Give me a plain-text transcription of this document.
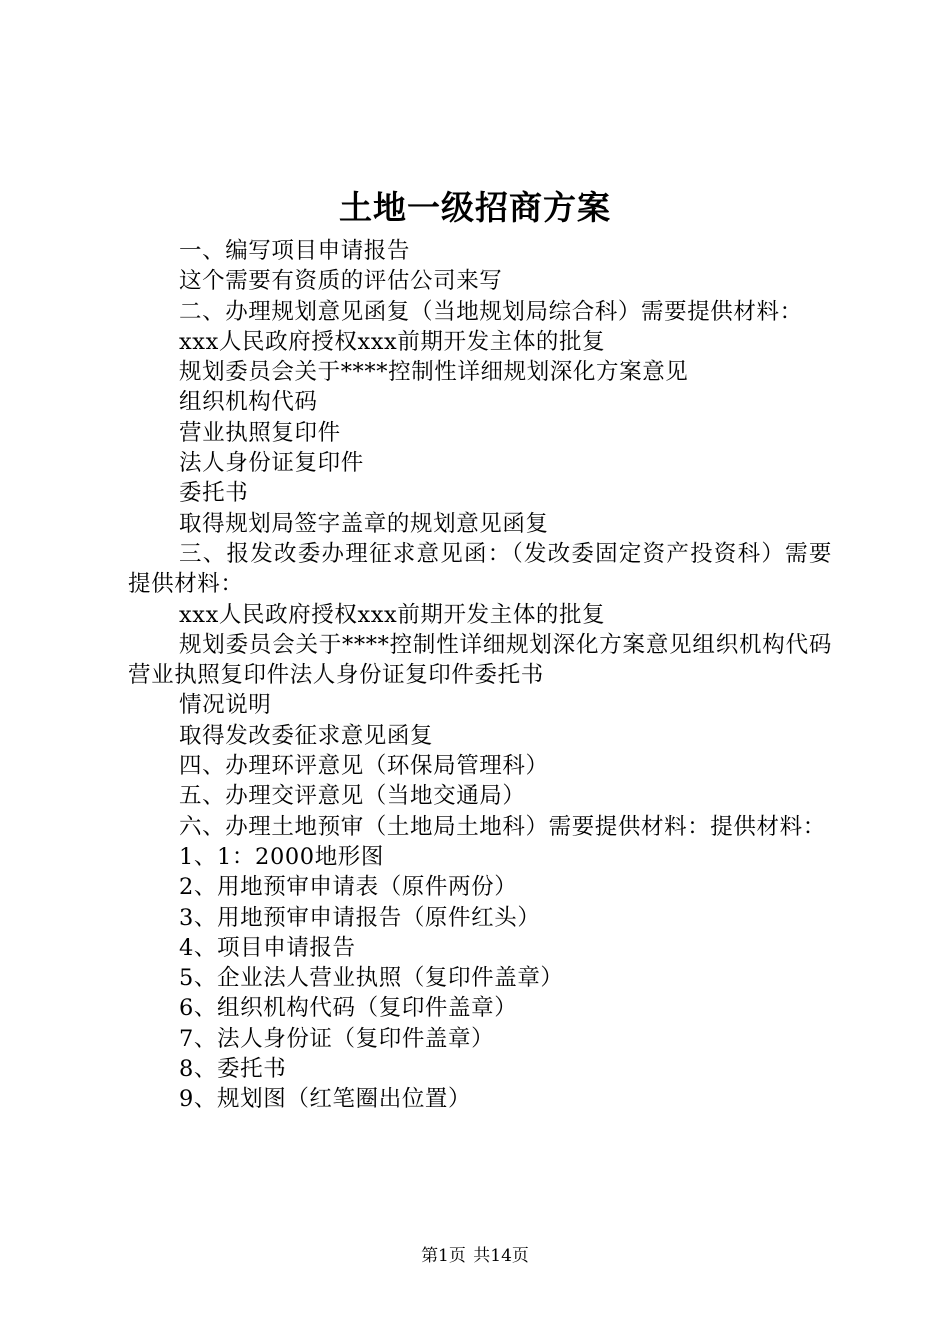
土地一级招商方案

一、编写项目申请报告

这个需要有资质的评估公司来写

二、办理规划意见函复（当地规划局综合科）需要提供材料：

xxx人民政府授权xxx前期开发主体的批复

规划委员会关于****控制性详细规划深化方案意见

组织机构代码

营业执照复印件

法人身份证复印件

委托书

取得规划局签字盖章的规划意见函复

三、报发改委办理征求意见函：（发改委固定资产投资科）需要提供材料：

xxx人民政府授权xxx前期开发主体的批复

规划委员会关于****控制性详细规划深化方案意见组织机构代码营业执照复印件法人身份证复印件委托书

情况说明

取得发改委征求意见函复

四、办理环评意见（环保局管理科）

五、办理交评意见（当地交通局）

六、办理土地预审（土地局土地科）需要提供材料：提供材料：

1、1：2000地形图

2、用地预审申请表（原件两份）

3、用地预审申请报告（原件红头）

4、项目申请报告

5、企业法人营业执照（复印件盖章）

6、组织机构代码（复印件盖章）

7、法人身份证（复印件盖章）

8、委托书

9、规划图（红笔圈出位置）

第1页 共14页
